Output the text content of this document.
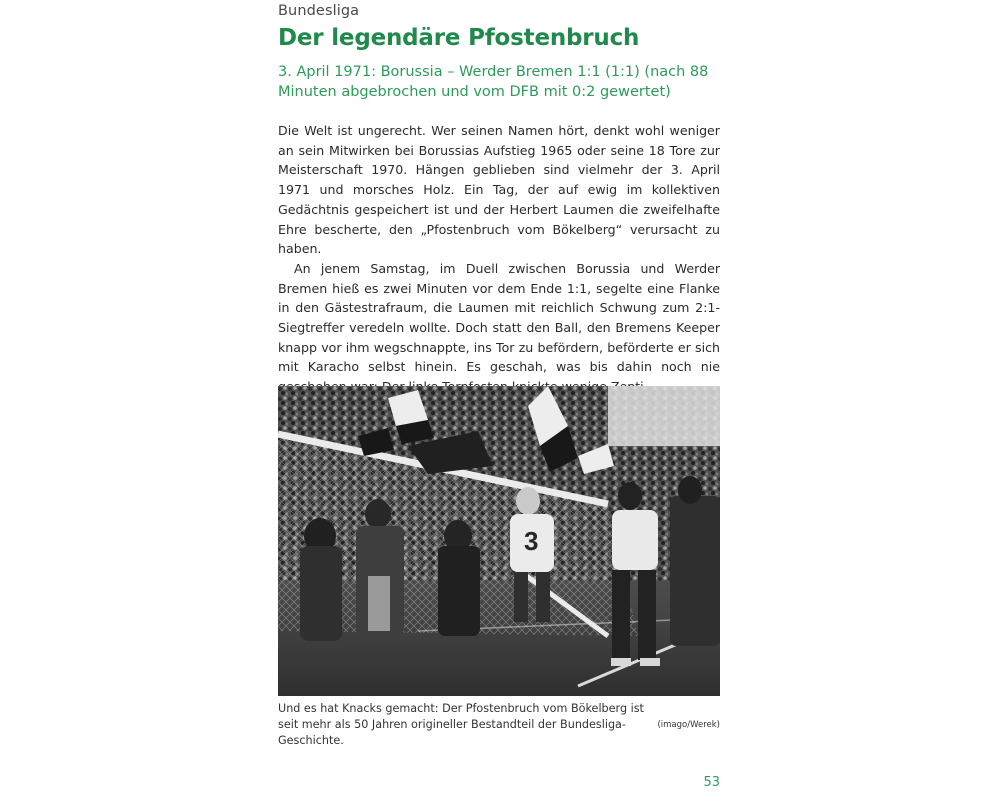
Bundesliga
Der legendäre Pfostenbruch

3. April 1971: Borussia – Werder Bremen 1:1 (1:1) (nach 88 Minuten abgebrochen und vom DFB mit 0:2 gewertet)

Die Welt ist ungerecht. Wer seinen Namen hört, denkt wohl weniger an sein Mitwirken bei Borussias Aufstieg 1965 oder seine 18 Tore zur Meisterschaft 1970. Hängen geblieben sind vielmehr der 3. April 1971 und morsches Holz. Ein Tag, der auf ewig im kollektiven Gedächtnis gespeichert ist und der Herbert Laumen die zweifelhafte Ehre bescherte, den „Pfostenbruch vom Bökelberg“ verursacht zu haben.

An jenem Samstag, im Duell zwischen Borussia und Werder Bremen hieß es zwei Minuten vor dem Ende 1:1, segelte eine Flanke in den Gästestrafraum, die Laumen mit reichlich Schwung zum 2:1-Siegtreffer veredeln wollte. Doch statt den Ball, den Bremens Keeper knapp vor ihm wegschnappte, ins Tor zu befördern, beförderte er sich mit Karacho selbst hinein. Es geschah, was bis dahin noch nie

3

Und es hat Knacks gemacht: Der Pfostenbruch vom Bökelberg ist seit mehr als 50 Jahren origineller Bestandteil der Bundesliga-Geschichte.

(imago/Werek)
53
